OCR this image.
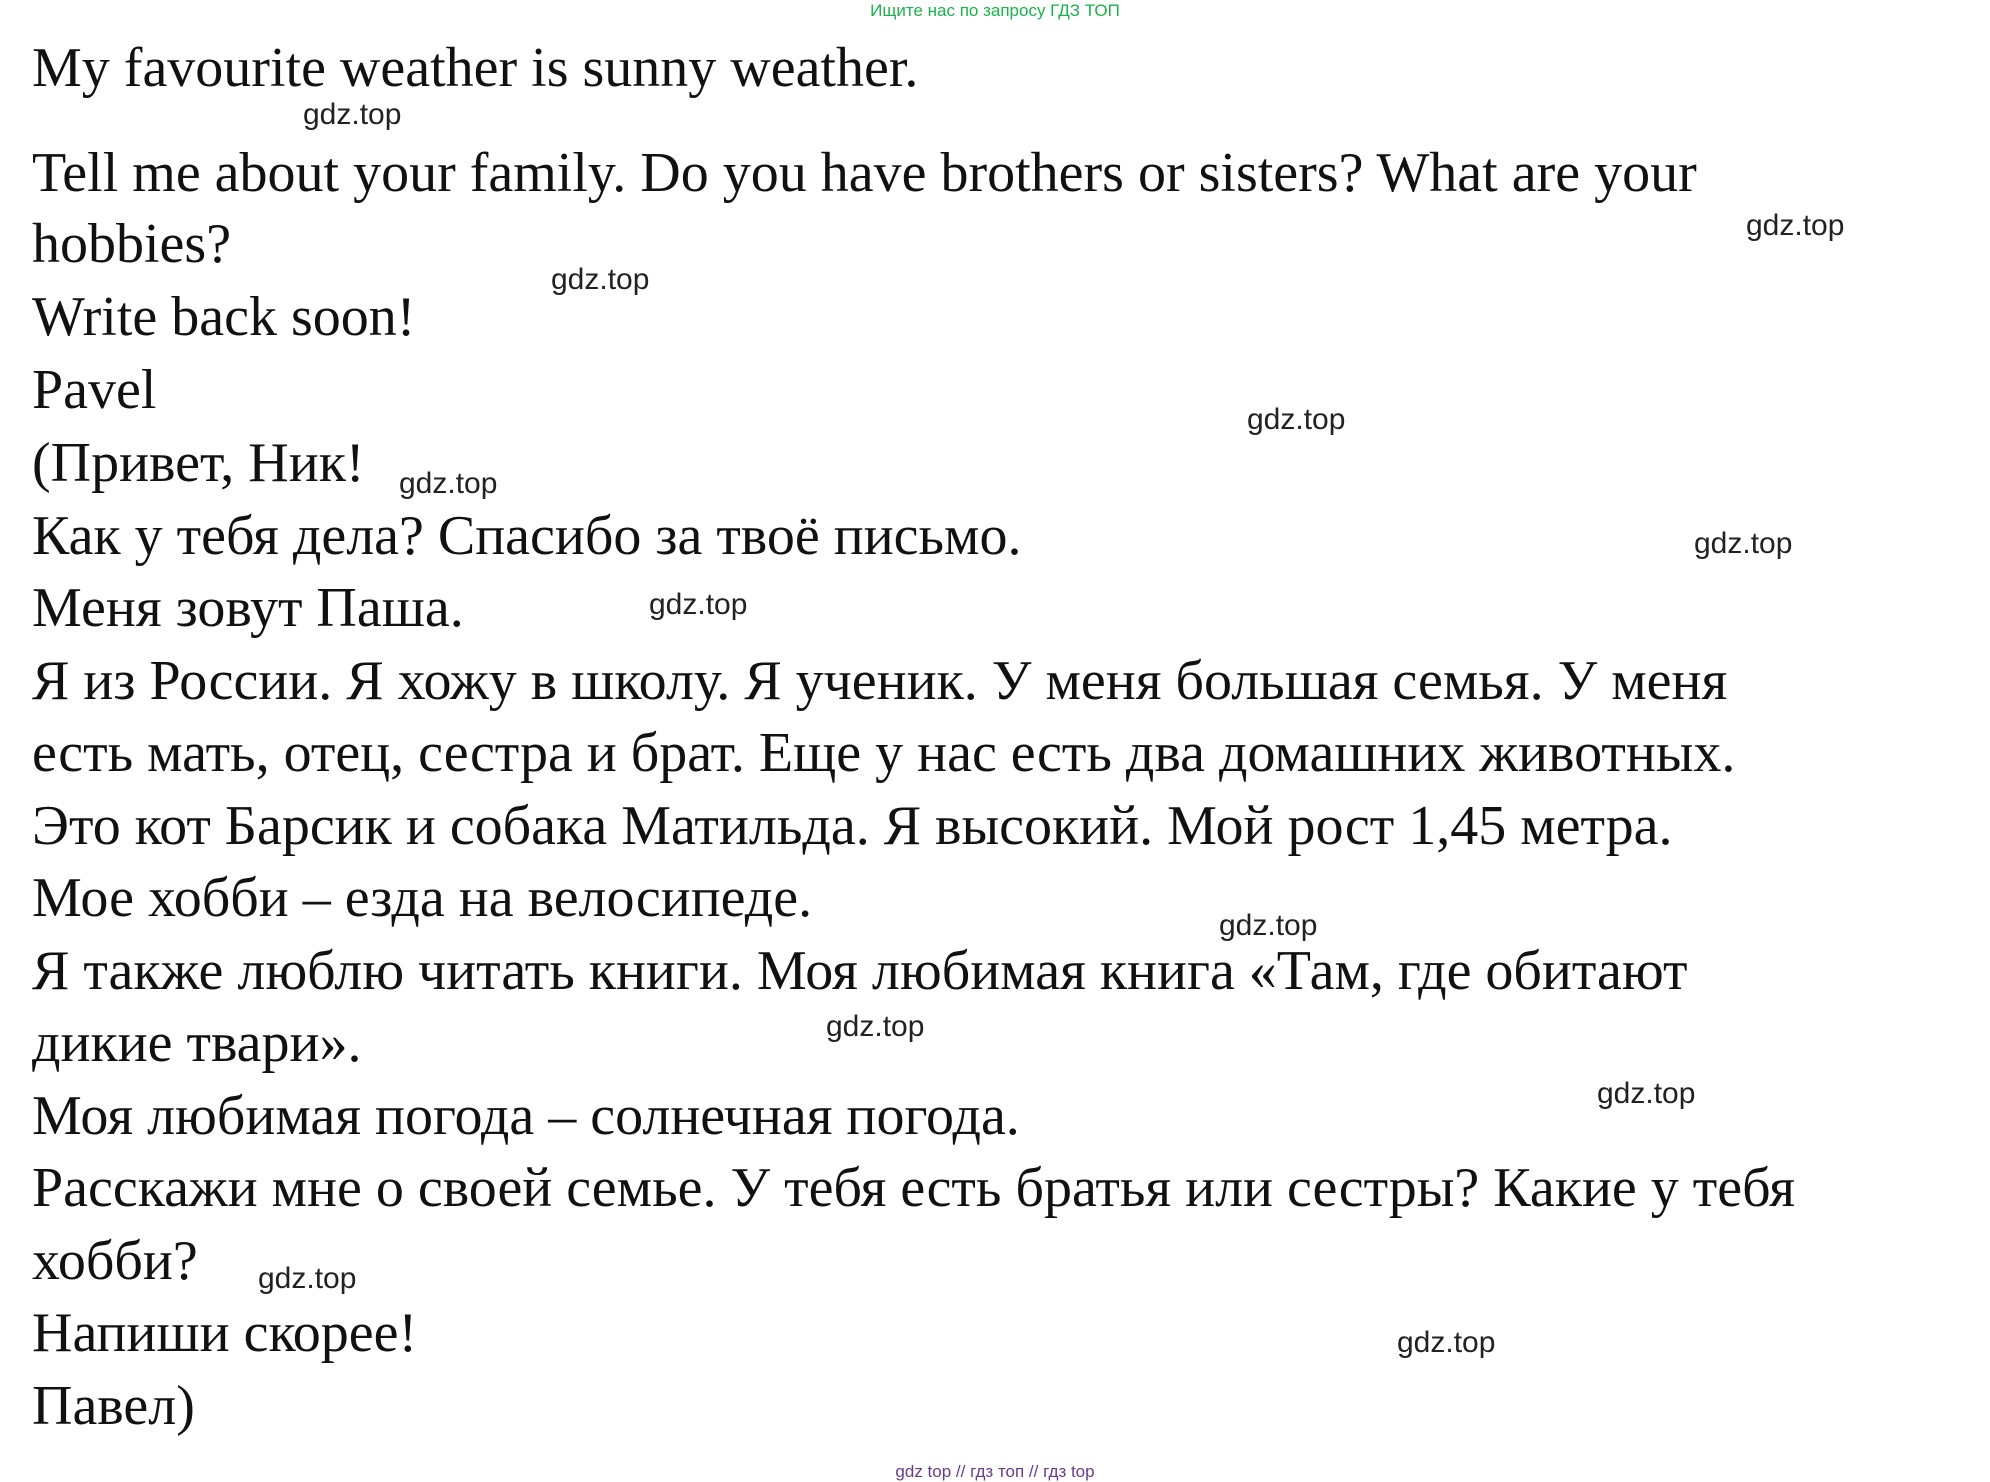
Ищите нас по запросу ГДЗ ТОП
My favourite weather is sunny weather.
Tell me about your family. Do you have brothers or sisters? What are your
hobbies?
Write back soon!
Pavel
(Привет, Ник!
Как у тебя дела? Спасибо за твоё письмо.
Меня зовут Паша.
Я из России. Я хожу в школу. Я ученик. У меня большая семья. У меня
есть мать, отец, сестра и брат. Еще у нас есть два домашних животных.
Это кот Барсик и собака Матильда. Я высокий. Мой рост 1,45 метра.
Мое хобби – езда на велосипеде.
Я также люблю читать книги. Моя любимая книга «Там, где обитают
дикие твари».
Моя любимая погода – солнечная погода.
Расскажи мне о своей семье. У тебя есть братья или сестры? Какие у тебя
хобби?
Напиши скорее!
Павел)
gdz.top
gdz.top
gdz.top
gdz.top
gdz.top
gdz.top
gdz.top
gdz.top
gdz.top
gdz.top
gdz.top
gdz.top
gdz top // гдз топ // гдз top
